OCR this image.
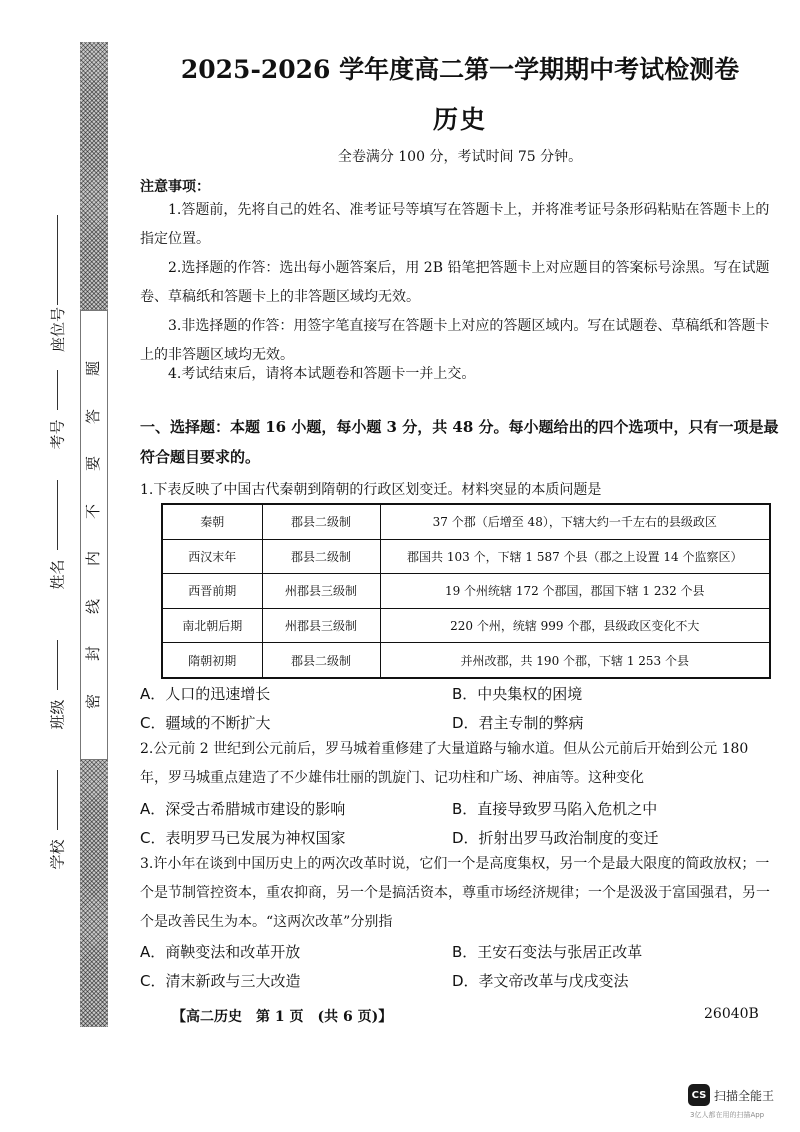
题
答
要
不
内
线
封
密
座位号
考号
姓名
班级
学校
2025-2026 学年度高二第一学期期中考试检测卷
历史
全卷满分 100 分，考试时间 75 分钟。
注意事项：
1.答题前，先将自己的姓名、准考证号等填写在答题卡上，并将准考证号条形码粘贴在答题卡上的指定位置。
2.选择题的作答：选出每小题答案后，用 2B 铅笔把答题卡上对应题目的答案标号涂黑。写在试题卷、草稿纸和答题卡上的非答题区域均无效。
3.非选择题的作答：用签字笔直接写在答题卡上对应的答题区域内。写在试题卷、草稿纸和答题卡上的非答题区域均无效。
4.考试结束后，请将本试题卷和答题卡一并上交。
一、选择题：本题 16 小题，每小题 3 分，共 48 分。每小题给出的四个选项中，只有一项是最符合题目要求的。
1.下表反映了中国古代秦朝到隋朝的行政区划变迁。材料突显的本质问题是
秦朝	郡县二级制	37 个郡（后增至 48），下辖大约一千左右的县级政区
西汉末年	郡县二级制	郡国共 103 个，下辖 1 587 个县（郡之上设置 14 个监察区）
西晋前期	州郡县三级制	19 个州统辖 172 个郡国，郡国下辖 1 232 个县
南北朝后期	州郡县三级制	220 个州，统辖 999 个郡，县级政区变化不大
隋朝初期	郡县二级制	并州改郡，共 190 个郡，下辖 1 253 个县
A．人口的迅速增长	B．中央集权的困境
C．疆域的不断扩大	D．君主专制的弊病
2.公元前 2 世纪到公元前后，罗马城着重修建了大量道路与输水道。但从公元前后开始到公元 180 年，罗马城重点建造了不少雄伟壮丽的凯旋门、记功柱和广场、神庙等。这种变化
A．深受古希腊城市建设的影响	B．直接导致罗马陷入危机之中
C．表明罗马已发展为神权国家	D．折射出罗马政治制度的变迁
3.许小年在谈到中国历史上的两次改革时说，它们一个是高度集权，另一个是最大限度的简政放权；一个是节制管控资本，重农抑商，另一个是搞活资本，尊重市场经济规律；一个是汲汲于富国强君，另一个是改善民生为本。“这两次改革”分别指
A．商鞅变法和改革开放	B．王安石变法与张居正改革
C．清末新政与三大改造	D．孝文帝改革与戊戌变法
【高二历史　第 1 页　(共 6 页)】	26040B
CS 扫描全能王
3亿人都在用的扫描App
